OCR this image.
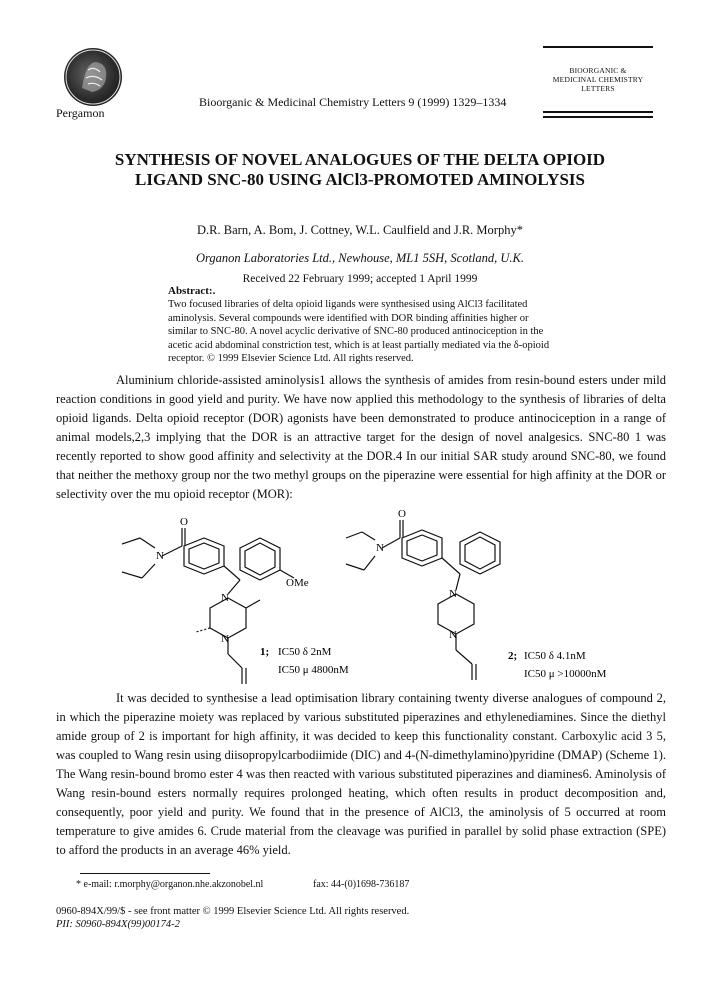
Pergamon
Bioorganic & Medicinal Chemistry Letters 9 (1999) 1329–1334
BIOORGANIC &
MEDICINAL CHEMISTRY
LETTERS
SYNTHESIS OF NOVEL ANALOGUES OF THE DELTA OPIOID
LIGAND SNC-80 USING AlCl3-PROMOTED AMINOLYSIS
D.R. Barn, A. Bom, J. Cottney, W.L. Caulfield and J.R. Morphy*
Organon Laboratories Ltd., Newhouse, ML1 5SH, Scotland, U.K.
Received 22 February 1999; accepted 1 April 1999
Abstract:.
Two focused libraries of delta opioid ligands were synthesised using AlCl3 facilitated aminolysis. Several compounds were identified with DOR binding affinities higher or similar to SNC-80. A novel acyclic derivative of SNC-80 produced antinociception in the acetic acid abdominal constriction test, which is at least partially mediated via the δ-opioid receptor. © 1999 Elsevier Science Ltd. All rights reserved.
Aluminium chloride-assisted aminolysis1 allows the synthesis of amides from resin-bound esters under mild reaction conditions in good yield and purity. We have now applied this methodology to the synthesis of libraries of delta opioid ligands. Delta opioid receptor (DOR) agonists have been demonstrated to produce antinociception in a range of animal models,2,3 implying that the DOR is an attractive target for the design of novel analgesics. SNC-80 1 was recently reported to show good affinity and selectivity at the DOR.4 In our initial SAR study around SNC-80, we found that neither the methoxy group nor the two methyl groups on the piperazine were essential for high affinity at the DOR or selectivity over the mu opioid receptor (MOR):
O
N
OMe
N
N
1; IC50 δ 2nM
IC50 μ 4800nM
O
N
N
N
2; IC50 δ 4.1nM
IC50 μ >10000nM
It was decided to synthesise a lead optimisation library containing twenty diverse analogues of compound 2, in which the piperazine moiety was replaced by various substituted piperazines and ethylenediamines. Since the diethyl amide group of 2 is important for high affinity, it was decided to keep this functionality constant. Carboxylic acid 3 5, was coupled to Wang resin using diisopropylcarbodiimide (DIC) and 4-(N-dimethylamino)pyridine (DMAP) (Scheme 1). The Wang resin-bound bromo ester 4 was then reacted with various substituted piperazines and diamines6. Aminolysis of Wang resin-bound esters normally requires prolonged heating, which often results in product decomposition and, consequently, poor yield and purity. We found that in the presence of AlCl3, the aminolysis of 5 occurred at room temperature to give amides 6. Crude material from the cleavage was purified in parallel by solid phase extraction (SPE) to afford the products in an average 46% yield.
* e-mail: r.morphy@organon.nhe.akzonobel.nl	fax: 44-(0)1698-736187
0960-894X/99/$ - see front matter © 1999 Elsevier Science Ltd. All rights reserved.
PII: S0960-894X(99)00174-2
